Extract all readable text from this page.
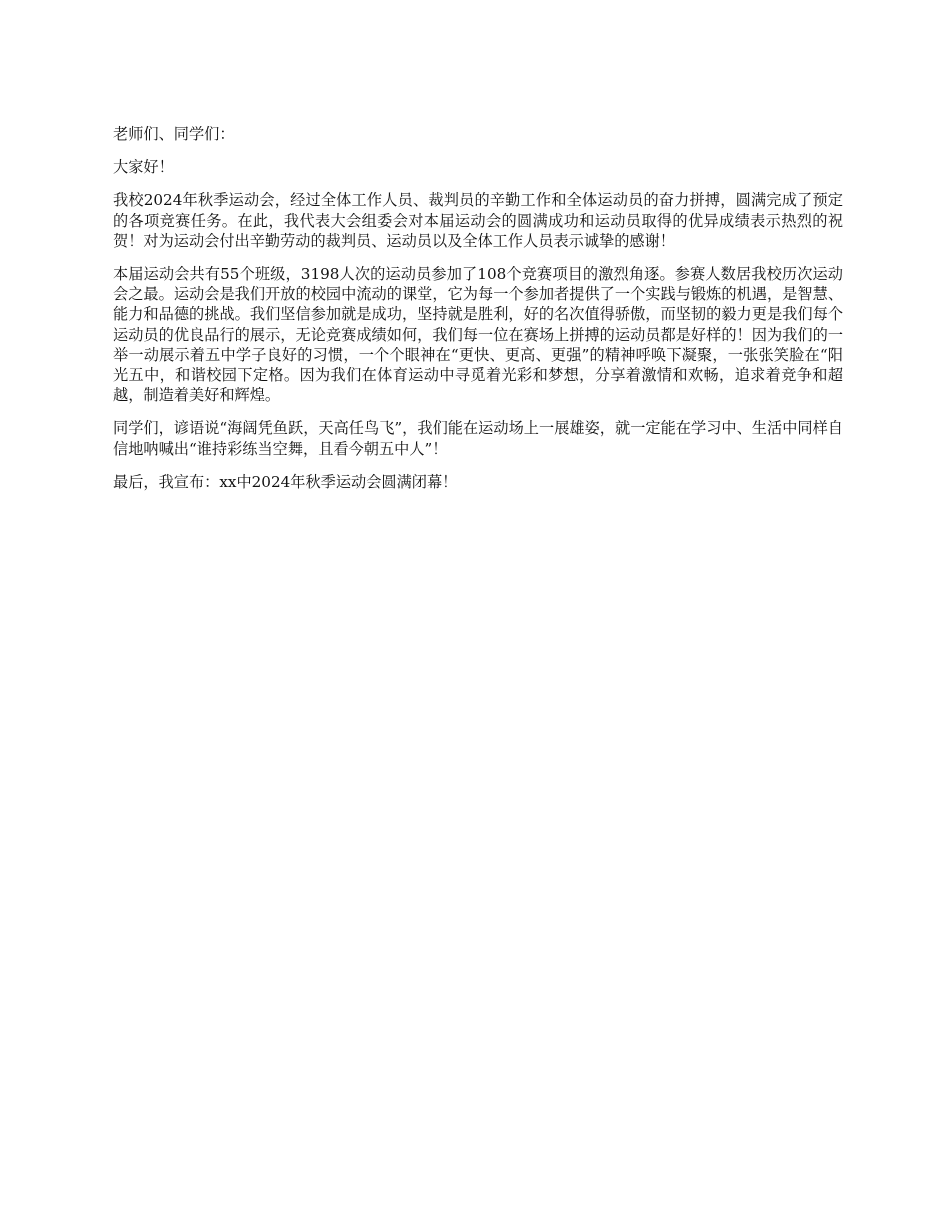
老师们、同学们：

大家好！

我校2024年秋季运动会，经过全体工作人员、裁判员的辛勤工作和全体运动员的奋力拼搏，圆满完成了预定的各项竞赛任务。在此，我代表大会组委会对本届运动会的圆满成功和运动员取得的优异成绩表示热烈的祝贺！对为运动会付出辛勤劳动的裁判员、运动员以及全体工作人员表示诚挚的感谢！

本届运动会共有55个班级，3198人次的运动员参加了108个竞赛项目的激烈角逐。参赛人数居我校历次运动会之最。运动会是我们开放的校园中流动的课堂，它为每一个参加者提供了一个实践与锻炼的机遇，是智慧、能力和品德的挑战。我们坚信参加就是成功，坚持就是胜利，好的名次值得骄傲，而坚韧的毅力更是我们每个运动员的优良品行的展示，无论竞赛成绩如何，我们每一位在赛场上拼搏的运动员都是好样的！因为我们的一举一动展示着五中学子良好的习惯，一个个眼神在“更快、更高、更强”的精神呼唤下凝聚，一张张笑脸在“阳光五中，和谐校园下定格。因为我们在体育运动中寻觅着光彩和梦想，分享着激情和欢畅，追求着竞争和超越，制造着美好和辉煌。

同学们，谚语说“海阔凭鱼跃，天高任鸟飞”，我们能在运动场上一展雄姿，就一定能在学习中、生活中同样自信地呐喊出“谁持彩练当空舞，且看今朝五中人”！

最后，我宣布：xx中2024年秋季运动会圆满闭幕！
